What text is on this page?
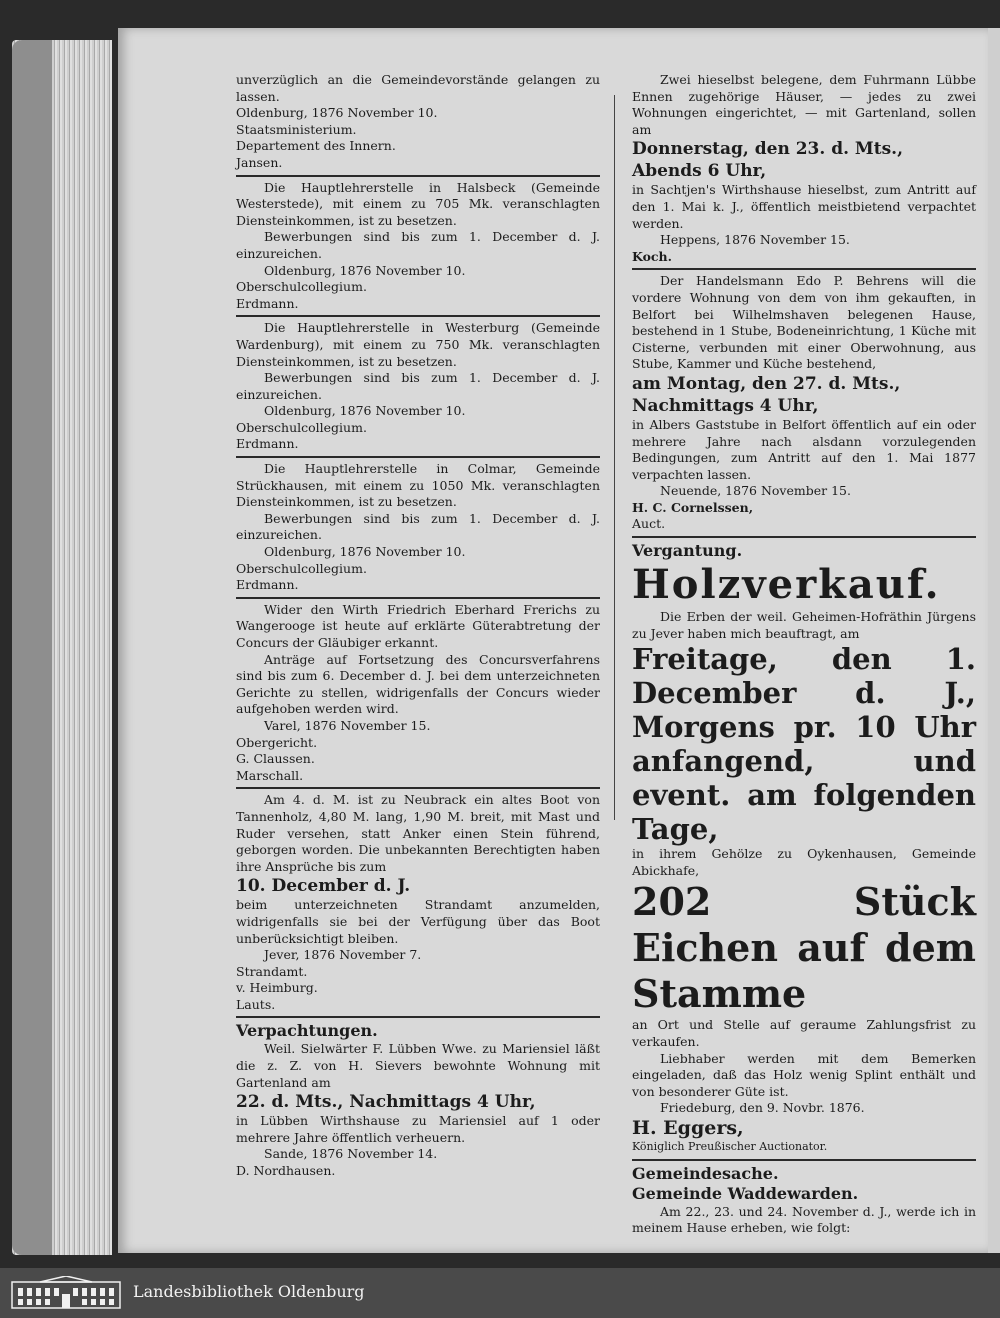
unverzüglich an die Gemeindevorstände gelangen zu lassen.

Oldenburg, 1876 November 10.

Staatsministerium.

Departement des Innern.

Jansen.

Die Hauptlehrerstelle in Halsbeck (Gemeinde Westerstede), mit einem zu 705 Mk. veranschlagten Diensteinkommen, ist zu besetzen.

Bewerbungen sind bis zum 1. December d. J. einzureichen.

Oldenburg, 1876 November 10.

Oberschulcollegium.

Erdmann.

Die Hauptlehrerstelle in Westerburg (Gemeinde Wardenburg), mit einem zu 750 Mk. veranschlagten Diensteinkommen, ist zu besetzen.

Bewerbungen sind bis zum 1. December d. J. einzureichen.

Oldenburg, 1876 November 10.

Oberschulcollegium.

Erdmann.

Die Hauptlehrerstelle in Colmar, Gemeinde Strückhausen, mit einem zu 1050 Mk. veranschlagten Diensteinkommen, ist zu besetzen.

Bewerbungen sind bis zum 1. December d. J. einzureichen.

Oldenburg, 1876 November 10.

Oberschulcollegium.

Erdmann.

Wider den Wirth Friedrich Eberhard Frerichs zu Wangerooge ist heute auf erklärte Güterabtretung der Concurs der Gläubiger erkannt.

Anträge auf Fortsetzung des Concursverfahrens sind bis zum 6. December d. J. bei dem unterzeichneten Gerichte zu stellen, widrigenfalls der Concurs wieder aufgehoben werden wird.

Varel, 1876 November 15.

Obergericht.

G. Claussen.

Marschall.

Am 4. d. M. ist zu Neubrack ein altes Boot von Tannenholz, 4,80 M. lang, 1,90 M. breit, mit Mast und Ruder versehen, statt Anker einen Stein führend, geborgen worden. Die unbekannten Berechtigten haben ihre Ansprüche bis zum

10. December d. J.

beim unterzeichneten Strandamt anzumelden, widrigenfalls sie bei der Verfügung über das Boot unberücksichtigt bleiben.

Jever, 1876 November 7.

Strandamt.

v. Heimburg.

Lauts.

Verpachtungen.

Weil. Sielwärter F. Lübben Wwe. zu Mariensiel läßt die z. Z. von H. Sievers bewohnte Wohnung mit Gartenland am

22. d. Mts., Nachmittags 4 Uhr,

in Lübben Wirthshause zu Mariensiel auf 1 oder mehrere Jahre öffentlich verheuern.

Sande, 1876 November 14.

D. Nordhausen.

Zwei hieselbst belegene, dem Fuhrmann Lübbe Ennen zugehörige Häuser, — jedes zu zwei Wohnungen eingerichtet, — mit Gartenland, sollen am

Donnerstag, den 23. d. Mts.,

Abends 6 Uhr,

in Sachtjen's Wirthshause hieselbst, zum Antritt auf den 1. Mai k. J., öffentlich meistbietend verpachtet werden.

Heppens, 1876 November 15.

Koch.

Der Handelsmann Edo P. Behrens will die vordere Wohnung von dem von ihm gekauften, in Belfort bei Wilhelmshaven belegenen Hause, bestehend in 1 Stube, Bodeneinrichtung, 1 Küche mit Cisterne, verbunden mit einer Oberwohnung, aus Stube, Kammer und Küche bestehend,

am Montag, den 27. d. Mts.,

Nachmittags 4 Uhr,

in Albers Gaststube in Belfort öffentlich auf ein oder mehrere Jahre nach alsdann vorzulegenden Bedingungen, zum Antritt auf den 1. Mai 1877 verpachten lassen.

Neuende, 1876 November 15.

H. C. Cornelssen,

Auct.

Vergantung.

Holzverkauf.

Die Erben der weil. Geheimen-Hofräthin Jürgens zu Jever haben mich beauftragt, am

Freitage, den 1. December d. J., Morgens pr. 10 Uhr anfangend, und event. am folgenden Tage,

in ihrem Gehölze zu Oykenhausen, Gemeinde Abickhafe,

202 Stück Eichen auf dem Stamme

an Ort und Stelle auf geraume Zahlungsfrist zu verkaufen.

Liebhaber werden mit dem Bemerken eingeladen, daß das Holz wenig Splint enthält und von besonderer Güte ist.

Friedeburg, den 9. Novbr. 1876.

H. Eggers,

Königlich Preußischer Auctionator.

Gemeindesache.

Gemeinde Waddewarden.

Am 22., 23. und 24. November d. J., werde ich in meinem Hause erheben, wie folgt:

Landesbibliothek Oldenburg
